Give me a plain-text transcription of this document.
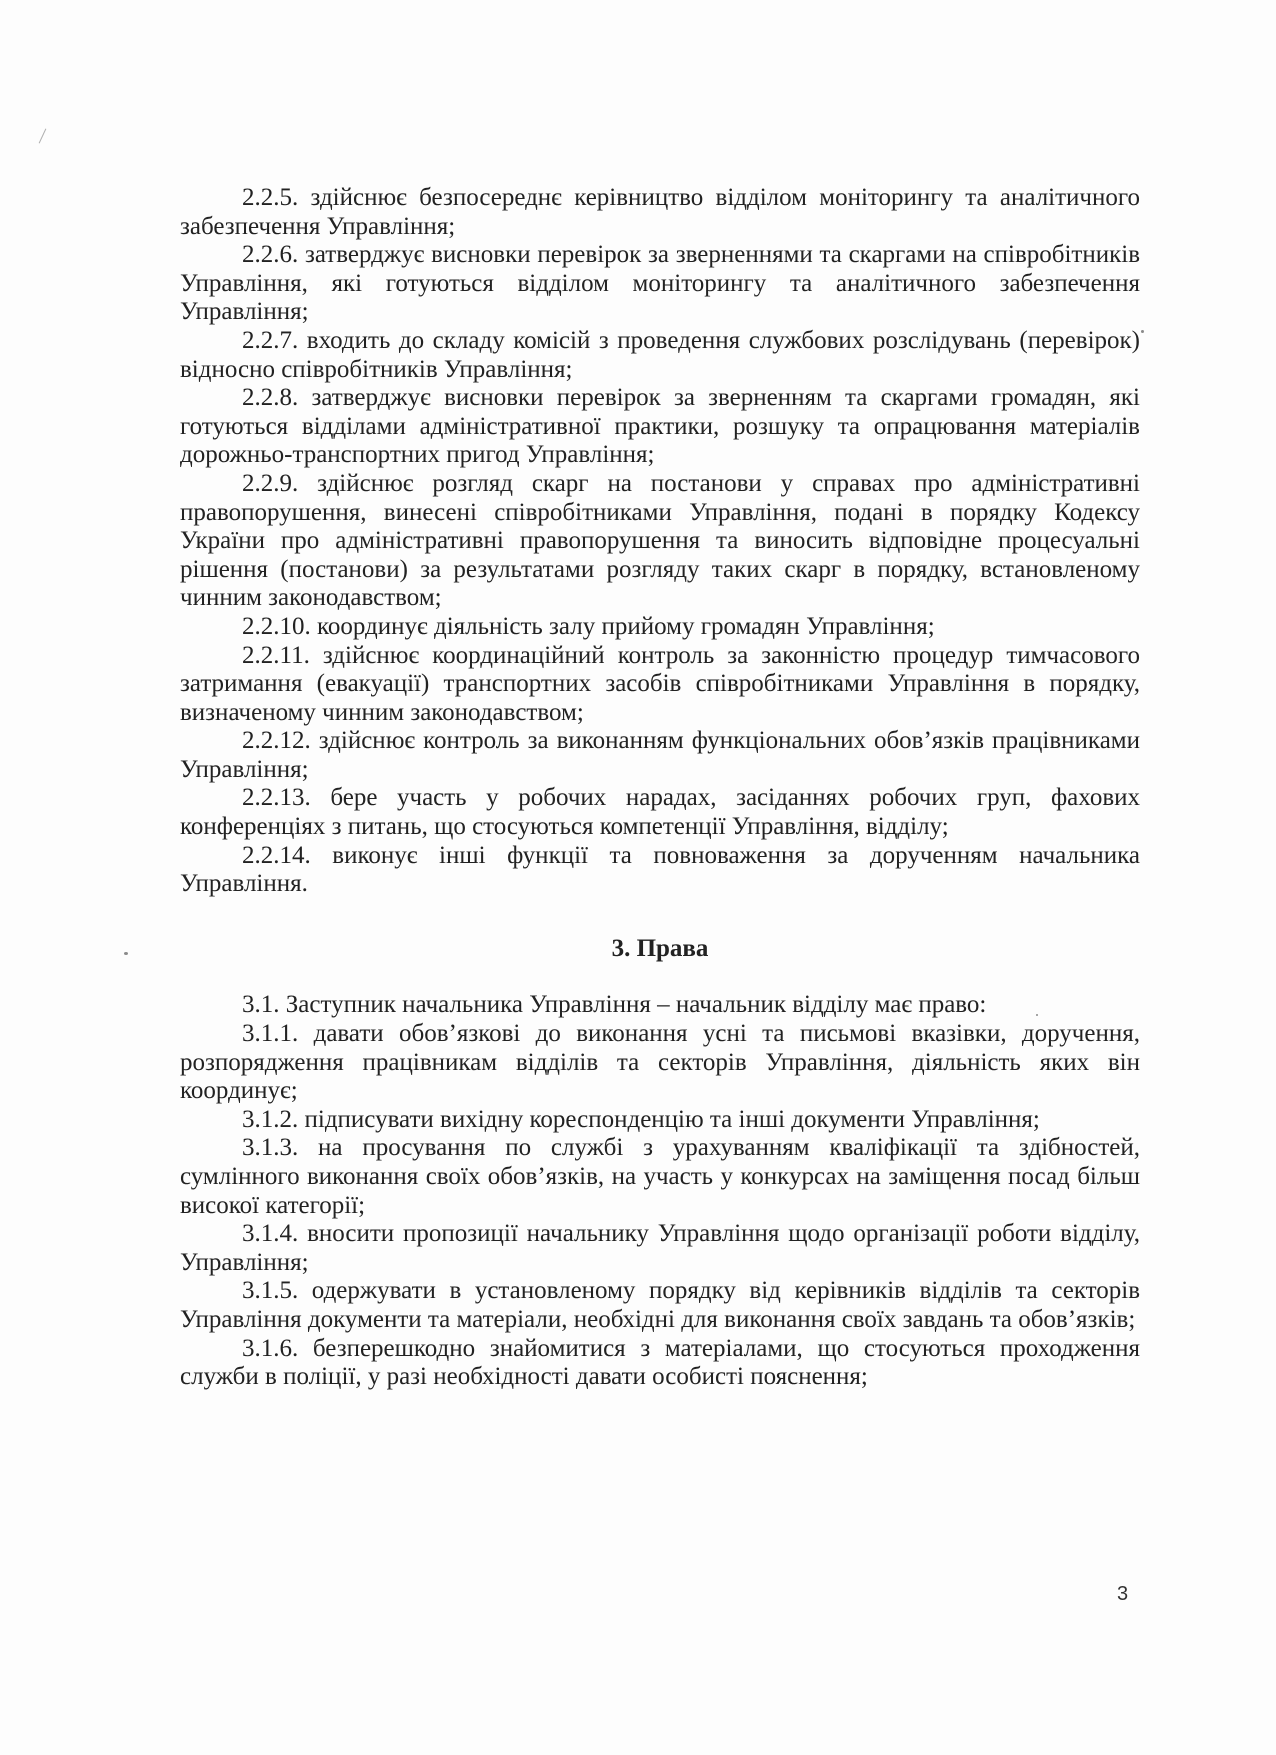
2.2.5. здійснює безпосереднє керівництво відділом моніторингу та аналітичного забезпечення Управління;

2.2.6. затверджує висновки перевірок за зверненнями та скаргами на співробітників Управління, які готуються відділом моніторингу та аналітичного забезпечення Управління;

2.2.7. входить до складу комісій з проведення службових розслідувань (перевірок) відносно співробітників Управління;

2.2.8. затверджує висновки перевірок за зверненням та скаргами громадян, які готуються відділами адміністративної практики, розшуку та опрацювання матеріалів дорожньо-транспортних пригод Управління;

2.2.9. здійснює розгляд скарг на постанови у справах про адміністративні правопорушення, винесені співробітниками Управління, подані в порядку Кодексу України про адміністративні правопорушення та виносить відповідне процесуальні рішення (постанови) за результатами розгляду таких скарг в порядку, встановленому чинним законодавством;

2.2.10. координує діяльність залу прийому громадян Управління;

2.2.11. здійснює координаційний контроль за законністю процедур тимчасового затримання (евакуації) транспортних засобів співробітниками Управління в порядку, визначеному чинним законодавством;

2.2.12. здійснює контроль за виконанням функціональних обов’язків працівниками Управління;

2.2.13. бере участь у робочих нарадах, засіданнях робочих груп, фахових конференціях з питань, що стосуються компетенції Управління, відділу;

2.2.14. виконує інші функції та повноваження за дорученням начальника Управління.

3. Права

3.1. Заступник начальника Управління – начальник відділу має право:

3.1.1. давати обов’язкові до виконання усні та письмові вказівки, доручення, розпорядження працівникам відділів та секторів Управління, діяльність яких він координує;

3.1.2. підписувати вихідну кореспонденцію та інші документи Управління;

3.1.3. на просування по службі з урахуванням кваліфікації та здібностей, сумлінного виконання своїх обов’язків, на участь у конкурсах на заміщення посад більш високої категорії;

3.1.4. вносити пропозиції начальнику Управління щодо організації роботи відділу, Управління;

3.1.5. одержувати в установленому порядку від керівників відділів та секторів Управління документи та матеріали, необхідні для виконання своїх завдань та обов’язків;

3.1.6. безперешкодно знайомитися з матеріалами, що стосуються проходження служби в поліції, у разі необхідності давати особисті пояснення;

3
